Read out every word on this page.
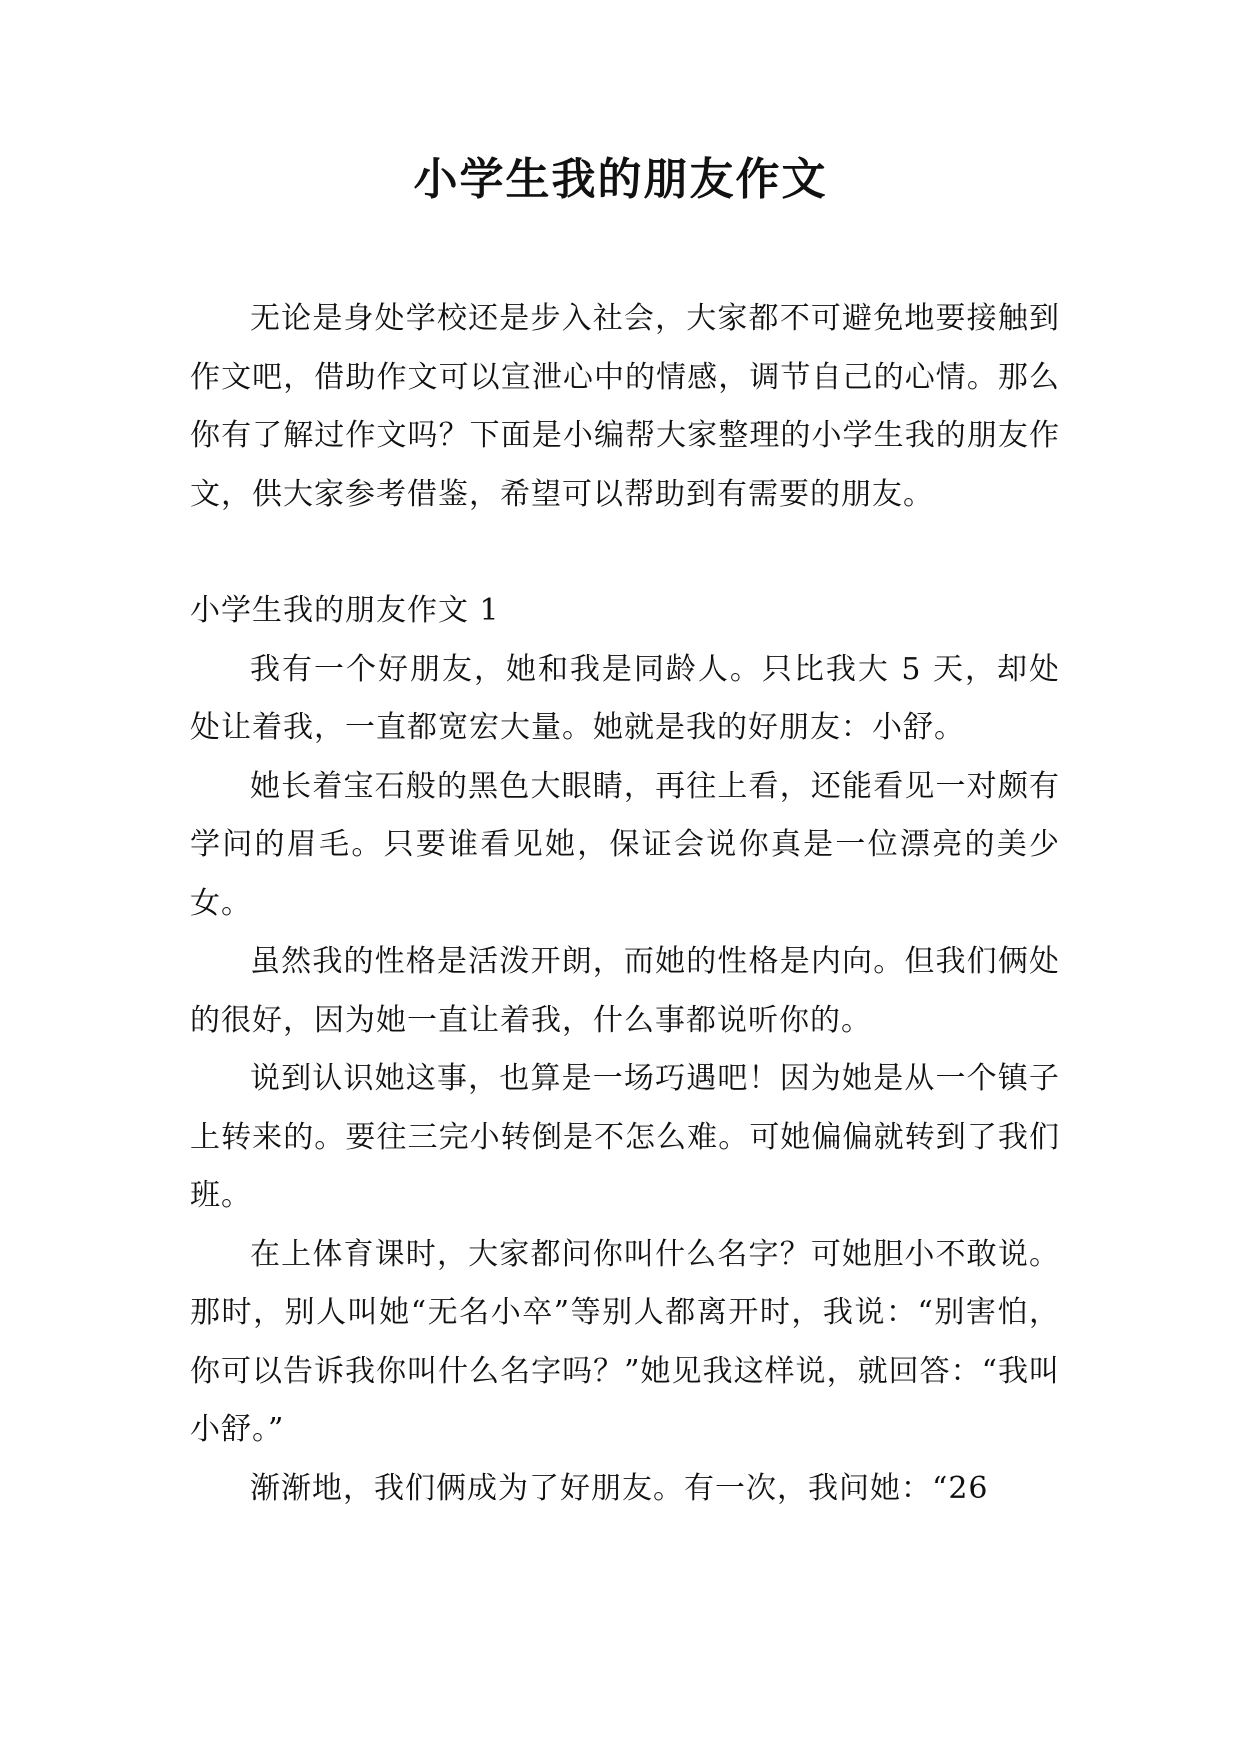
小学生我的朋友作文

无论是身处学校还是步入社会，大家都不可避免地要接触到作文吧，借助作文可以宣泄心中的情感，调节自己的心情。那么你有了解过作文吗？下面是小编帮大家整理的小学生我的朋友作文，供大家参考借鉴，希望可以帮助到有需要的朋友。

小学生我的朋友作文 1

我有一个好朋友，她和我是同龄人。只比我大 5 天，却处处让着我，一直都宽宏大量。她就是我的好朋友：小舒。

她长着宝石般的黑色大眼睛，再往上看，还能看见一对颇有学问的眉毛。只要谁看见她，保证会说你真是一位漂亮的美少女。

虽然我的性格是活泼开朗，而她的性格是内向。但我们俩处的很好，因为她一直让着我，什么事都说听你的。

说到认识她这事，也算是一场巧遇吧！因为她是从一个镇子上转来的。要往三完小转倒是不怎么难。可她偏偏就转到了我们班。

在上体育课时，大家都问你叫什么名字？可她胆小不敢说。那时，别人叫她“无名小卒”等别人都离开时，我说：“别害怕，你可以告诉我你叫什么名字吗？”她见我这样说，就回答：“我叫小舒。”

渐渐地，我们俩成为了好朋友。有一次，我问她：“26
